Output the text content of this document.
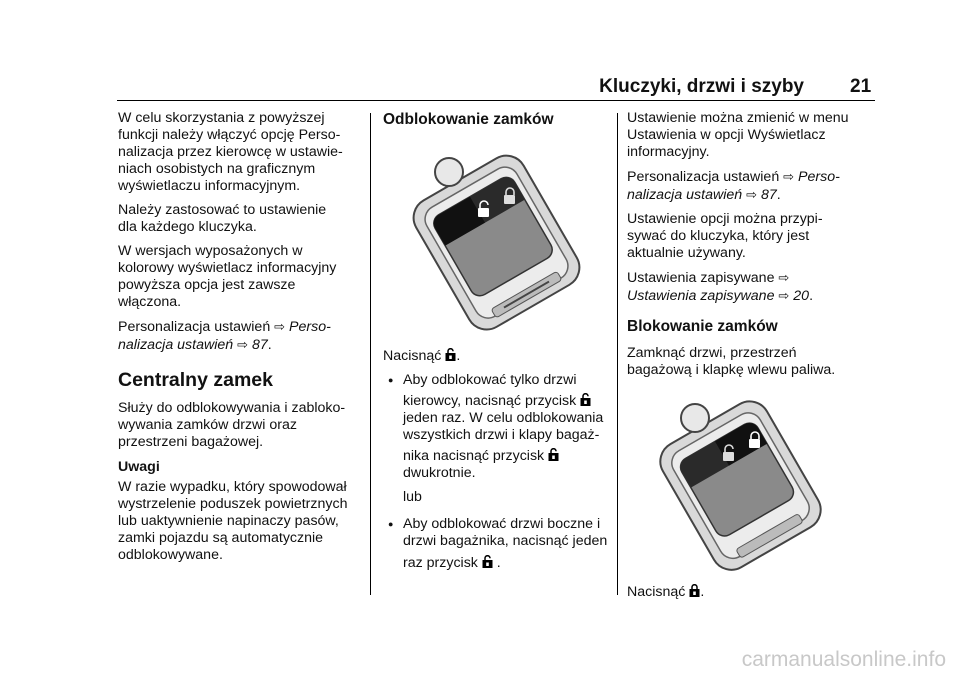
Kluczyki, drzwi i szyby 21

W celu skorzystania z powyższej
funkcji należy włączyć opcję Perso-
nalizacja przez kierowcę w ustawie-
niach osobistych na graficznym
wyświetlaczu informacyjnym.

Należy zastosować to ustawienie
dla każdego kluczyka.

W wersjach wyposażonych w
kolorowy wyświetlacz informacyjny
powyższa opcja jest zawsze
włączona.

Personalizacja ustawień ⇨ Perso-
nalizacja ustawień ⇨ 87.

Centralny zamek

Służy do odblokowywania i zabloko-
wywania zamków drzwi oraz
przestrzeni bagażowej.

Uwagi

W razie wypadku, który spowodował
wystrzelenie poduszek powietrznych
lub uaktywnienie napinaczy pasów,
zamki pojazdu są automatycznie
odblokowywane.

Odblokowanie zamków

Nacisnąć .

● Aby odblokować tylko drzwi
kierowcy, nacisnąć przycisk
jeden raz. W celu odblokowania
wszystkich drzwi i klapy bagaż-
nika nacisnąć przycisk
dwukrotnie.
lub
● Aby odblokować drzwi boczne i
drzwi bagażnika, nacisnąć jeden
raz przycisk  .

Ustawienie można zmienić w menu
Ustawienia w opcji Wyświetlacz
informacyjny.

Personalizacja ustawień ⇨ Perso-
nalizacja ustawień ⇨ 87.

Ustawienie opcji można przypi-
sywać do kluczyka, który jest
aktualnie używany.

Ustawienia zapisywane ⇨
Ustawienia zapisywane ⇨ 20.

Blokowanie zamków

Zamknąć drzwi, przestrzeń
bagażową i klapkę wlewu paliwa.

Nacisnąć .

carmanualsonline.info
